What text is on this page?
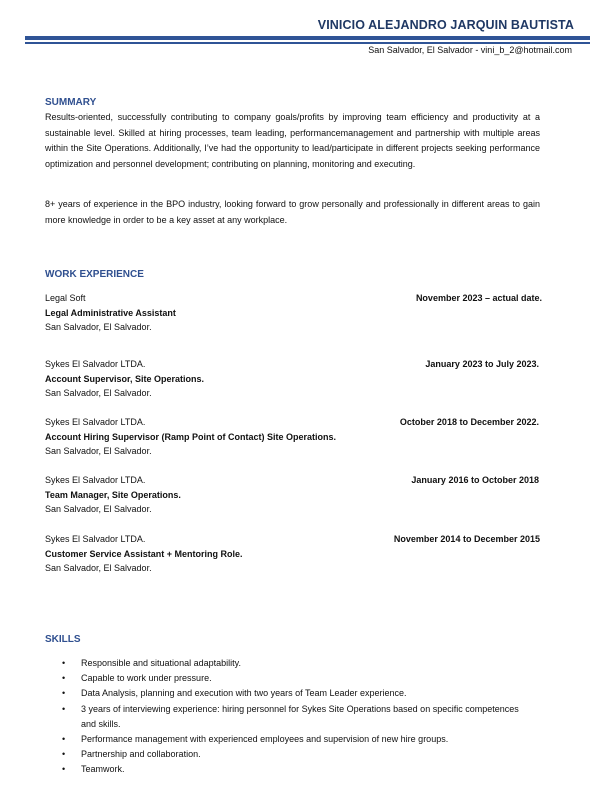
VINICIO ALEJANDRO JARQUIN BAUTISTA
San Salvador, El Salvador - vini_b_2@hotmail.com
SUMMARY
Results-oriented, successfully contributing to company goals/profits by improving team efficiency and productivity at a sustainable level. Skilled at hiring processes, team leading, performancemanagement and partnership with multiple areas within the Site Operations. Additionally, I’ve had the opportunity to lead/participate in different projects seeking performance optimization and personnel development; contributing on planning, monitoring and executing.
8+ years of experience in the BPO industry, looking forward to grow personally and professionally in different areas to gain more knowledge in order to be a key asset at any workplace.
WORK EXPERIENCE
Legal Soft	November 2023 – actual date.
Legal Administrative Assistant
San Salvador, El Salvador.
Sykes El Salvador LTDA.	January 2023 to July 2023.
Account Supervisor, Site Operations.
San Salvador, El Salvador.
Sykes El Salvador LTDA.	October 2018 to December 2022.
Account Hiring Supervisor (Ramp Point of Contact) Site Operations.
San Salvador, El Salvador.
Sykes El Salvador LTDA.	January 2016 to October 2018
Team Manager, Site Operations.
San Salvador, El Salvador.
Sykes El Salvador LTDA.	November 2014 to December 2015
Customer Service Assistant + Mentoring Role.
San Salvador, El Salvador.
SKILLS
• Responsible and situational adaptability.
• Capable to work under pressure.
• Data Analysis, planning and execution with two years of Team Leader experience.
• 3 years of interviewing experience: hiring personnel for Sykes Site Operations based on specific competences and skills.
• Performance management with experienced employees and supervision of new hire groups.
• Partnership and collaboration.
• Teamwork.
